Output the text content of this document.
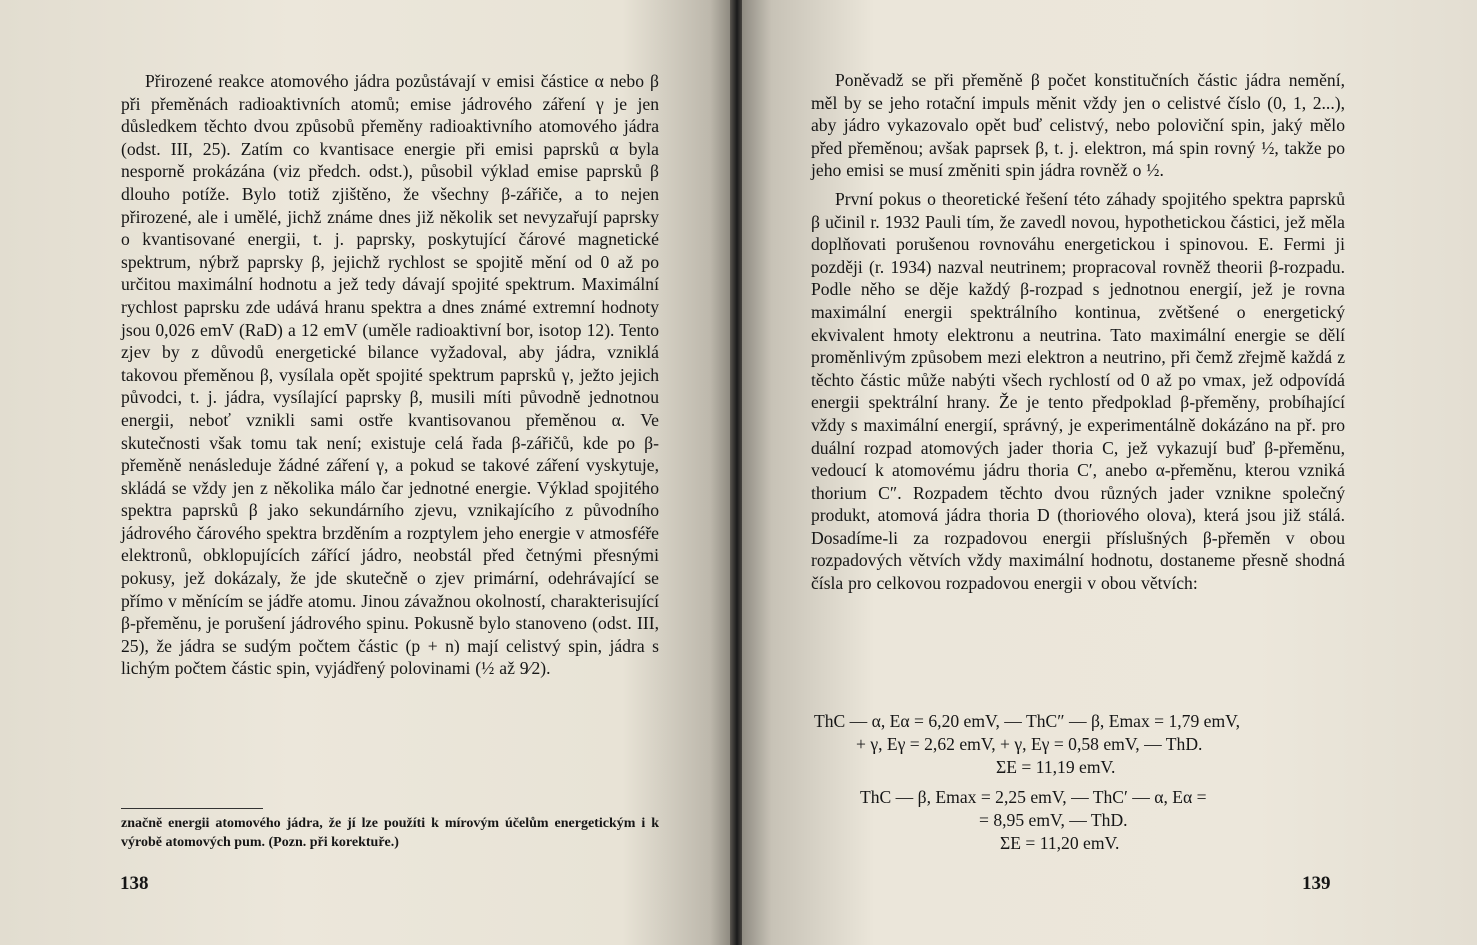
Přirozené reakce atomového jádra pozůstávají v emisi částice α nebo β při přeměnách radioaktivních atomů; emise jádrového záření γ je jen důsledkem těchto dvou způsobů přeměny radioaktivního atomového jádra (odst. III, 25). Zatím co kvantisace energie při emisi paprsků α byla nesporně prokázána (viz předch. odst.), působil výklad emise paprsků β dlouho potíže. Bylo totiž zjištěno, že všechny β-zářiče, a to nejen přirozené, ale i umělé, jichž známe dnes již několik set nevyzařují paprsky o kvantisované energii, t. j. paprsky, poskytující čárové magnetické spektrum, nýbrž paprsky β, jejichž rychlost se spojitě mění od 0 až po určitou maximální hodnotu a jež tedy dávají spojité spektrum. Maximální rychlost paprsku zde udává hranu spektra a dnes známé extremní hodnoty jsou 0,026 emV (RaD) a 12 emV (uměle radioaktivní bor, isotop 12). Tento zjev by z důvodů energetické bilance vyžadoval, aby jádra, vzniklá takovou přeměnou β, vysílala opět spojité spektrum paprsků γ, ježto jejich původci, t. j. jádra, vysílající paprsky β, musili míti původně jednotnou energii, neboť vznikli sami ostře kvantisovanou přeměnou α. Ve skutečnosti však tomu tak není; existuje celá řada β-zářičů, kde po β-přeměně nenásleduje žádné záření γ, a pokud se takové záření vyskytuje, skládá se vždy jen z několika málo čar jednotné energie. Výklad spojitého spektra paprsků β jako sekundárního zjevu, vznikajícího z původního jádrového čárového spektra brzděním a rozptylem jeho energie v atmosféře elektronů, obklopujících zářící jádro, neobstál před četnými přesnými pokusy, jež dokázaly, že jde skutečně o zjev primární, odehrávající se přímo v měnícím se jádře atomu. Jinou závažnou okolností, charakterisující β-přeměnu, je porušení jádrového spinu. Pokusně bylo stanoveno (odst. III, 25), že jádra se sudým počtem částic (p + n) mají celistvý spin, jádra s lichým počtem částic spin, vyjádřený polovinami (½ až 9⁄2).

značně energii atomového jádra, že jí lze použíti k mírovým účelům energetickým i k výrobě atomových pum. (Pozn. při korektuře.)
138

Poněvadž se při přeměně β počet konstitučních částic jádra nemění, měl by se jeho rotační impuls měnit vždy jen o celistvé číslo (0, 1, 2...), aby jádro vykazovalo opět buď celistvý, nebo poloviční spin, jaký mělo před přeměnou; avšak paprsek β, t. j. elektron, má spin rovný ½, takže po jeho emisi se musí změniti spin jádra rovněž o ½.

První pokus o theoretické řešení této záhady spojitého spektra paprsků β učinil r. 1932 Pauli tím, že zavedl novou, hypothetickou částici, jež měla doplňovati porušenou rovnováhu energetickou i spinovou. E. Fermi ji později (r. 1934) nazval neutrinem; propracoval rovněž theorii β-rozpadu. Podle něho se děje každý β-rozpad s jednotnou energií, jež je rovna maximální energii spektrálního kontinua, zvětšené o energetický ekvivalent hmoty elektronu a neutrina. Tato maximální energie se dělí proměnlivým způsobem mezi elektron a neutrino, při čemž zřejmě každá z těchto částic může nabýti všech rychlostí od 0 až po vmax, jež odpovídá energii spektrální hrany. Že je tento předpoklad β-přeměny, probíhající vždy s maximální energií, správný, je experimentálně dokázáno na př. pro duální rozpad atomových jader thoria C, jež vykazují buď β-přeměnu, vedoucí k atomovému jádru thoria C′, anebo α-přeměnu, kterou vzniká thorium C″. Rozpadem těchto dvou různých jader vznikne společný produkt, atomová jádra thoria D (thoriového olova), která jsou již stálá. Dosadíme-li za rozpadovou energii příslušných β-přeměn v obou rozpadových větvích vždy maximální hodnotu, dostaneme přesně shodná čísla pro celkovou rozpadovou energii v obou větvích:

ThC — α, Eα = 6,20 emV, — ThC″ — β, Emax = 1,79 emV,
+ γ, Eγ = 2,62 emV, + γ, Eγ = 0,58 emV, — ThD.
ΣE = 11,19 emV.
ThC — β, Emax = 2,25 emV, — ThC′ — α, Eα =
= 8,95 emV, — ThD.
ΣE = 11,20 emV.
139
